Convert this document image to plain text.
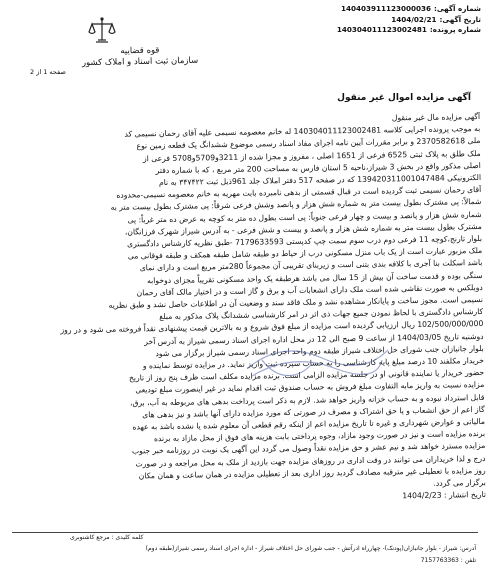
شماره آگهی:140403911123000036
تاریخ آگهی:1404/02/21
شماره پرونده:140304011123002481
قوه قضاییه
سازمان ثبت اسناد و املاک کشور
صفحه 1 از 2
آگهی مزایده اموال غیر منقول
آگهی مزایده مال غیر منقول
به موجب پرونده اجرایی کلاسه 140304011123002481 له خانم معصومه نسیمی علیه آقای رحمان نسیمی کد
ملی 2370582618 و برابر مقررات آیین نامه اجرای مفاد اسناد رسمی موضوع ششدانگ یک قطعه زمین نوع
ملک طلق به پلاک ثبتی 6525 فرعی از 1651 اصلی ، مفروز و مجزا شده از 3211و5709و5708 فرعی از
اصلی مذکور واقع در بخش 3 شیراز،ناحیه 5 استان فارس به مساحت 200 متر مربع ، که با شماره دفتر
الکترونیکی 139420311001047484 که در صفحه 517 دفتر املاک جلد 961ذیل ثبت ۳۴۷۴۲۲ به نام
آقای رحمان نسیمی ثبت گردیده است در قبال قسمتی از بدهی نامبرده بابت مهریه به خانم معصومه نسیمی-محدوده
شمالاً: پی مشترک بطول بیست متر به شماره شش هزار و پانصد وشش فرعی شرقاً: پی مشترک بطول بیست متر به
شماره شش هزار و پانصد و بیست و چهار فرعی جنوباً: پی است بطول ده متر به کوچه به عرض ده متر غرباً: پی
مشترک بطول بیست متر به شماره شش هزار و پانصد و بیست و شش فرعی - به آدرس شیراز شهرک فرزانگان،
بلوار تارنج،کوچه 11 فرعی دوم درب سوم سمت چپ کدپستی 7179633593 -طبق نظریه کارشناس دادگستری
ملک مزبور عبارت است از یک باب منزل مسکونی درب از حیاط دو طبقه شامل طبقه همکف و طبقه فوقانی می
باشد اسکلت بنا آجری با کلافه بندی بتنی است و زیربنای تقریبی آن مجموعاً 280متر مربع است و دارای نمای
سنگی بوده و قدمت ساخت آن بیش از 15 سال می باشد هرطبقه یک واحد مسکونی تقریباً مجزای دوخوابه
دوبلکس به صورت نقاشی شده است ملک دارای انشعابات آب و برق و گاز است و در اختیار مالک آقای رحمان
نسیمی است. مجوز ساخت و پایانکار مشاهده نشد و ملک فاقد سند و وضعیت آن در اطلاعات حاصل نشد و طبق نظریه
کارشناس دادگستری با لحاظ نمودن جمیع جهات ذی اثر در امر کارشناسی ششدانگ پلاک مذکور به مبلغ
102/500/000/000 ریال ارزیابی گردیده است مزایده از مبلغ فوق شروع و به بالاترین قیمت پیشنهادی نقداً فروخته می شود و در روز
دوشنبه تاریخ 1404/03/05 از ساعت 9 صبح الی 12 در محل اداره اجرای اسناد رسمی شیراز به آدرس آخر
بلوار جانبازان جنب شورای حل اختلاف شیراز طبقه دوم واحد اجرای اسناد رسمی شیراز برگزار می شود
خریدار مکلفند 10 درصد مبلغ پایه کارشناسی را به حساب سپرده ثبت واریز نماید. در مزایده توسط نماینده و
حضور خریدار یا نماینده قانونی او در جلسه مزایده الزامی است. برنده مزایده مکلف است ظرف پنج روز از تاریخ
مزایده نسبت به واریز مابه التفاوت مبلغ فروش به حساب صندوق ثبت اقدام نماید در غیر اینصورت مبلغ تودیعی
قابل استرداد نبوده و به حساب خزانه واریز خواهد شد. لازم به ذکر است پرداخت بدهی های مربوطه به آب، برق،
گاز اعم از حق انشعاب و یا حق اشتراک و مصرف در صورتی که مورد مزایده دارای آنها باشد و نیز بدهی های
مالیاتی و عوارض شهرداری و غیره تا تاریخ مزایده اعم از اینکه رقم قطعی آن معلوم شده یا نشده باشد به عهده
برنده مزایده است و نیز در صورت وجود مازاد، وجوه پرداختی بابت هزینه های فوق از محل مازاد به برنده
مزایده مسترد خواهد شد و نیم عشر و حق مزایده نقداً وصول می گردد این آگهی یک نوبت در روزنامه خبر جنوب
درج و لذا خریداران می توانند در وقت اداری در روزهای مزایده جهت بازدید از ملک به محل مراجعه و در صورت
روز مزایده با تعطیلی غیر مترقبه مصادف گردید روز اداری بعد از تعطیلی مزایده در همان ساعت و همان مکان
برگزار می گردد.
تاریخ انتشار : 1404/2/23
کلمه کلیدی : مرجع کاشنوبری
آدرس: شیراز - بلوار جانبازان(پودنک)- چهارراه ادرآتش - جنب شورای حل اختلاف شیراز - اداره اجرای اسناد رسمی شیراز(طبقه دوم)
تلفن : 7157763363
